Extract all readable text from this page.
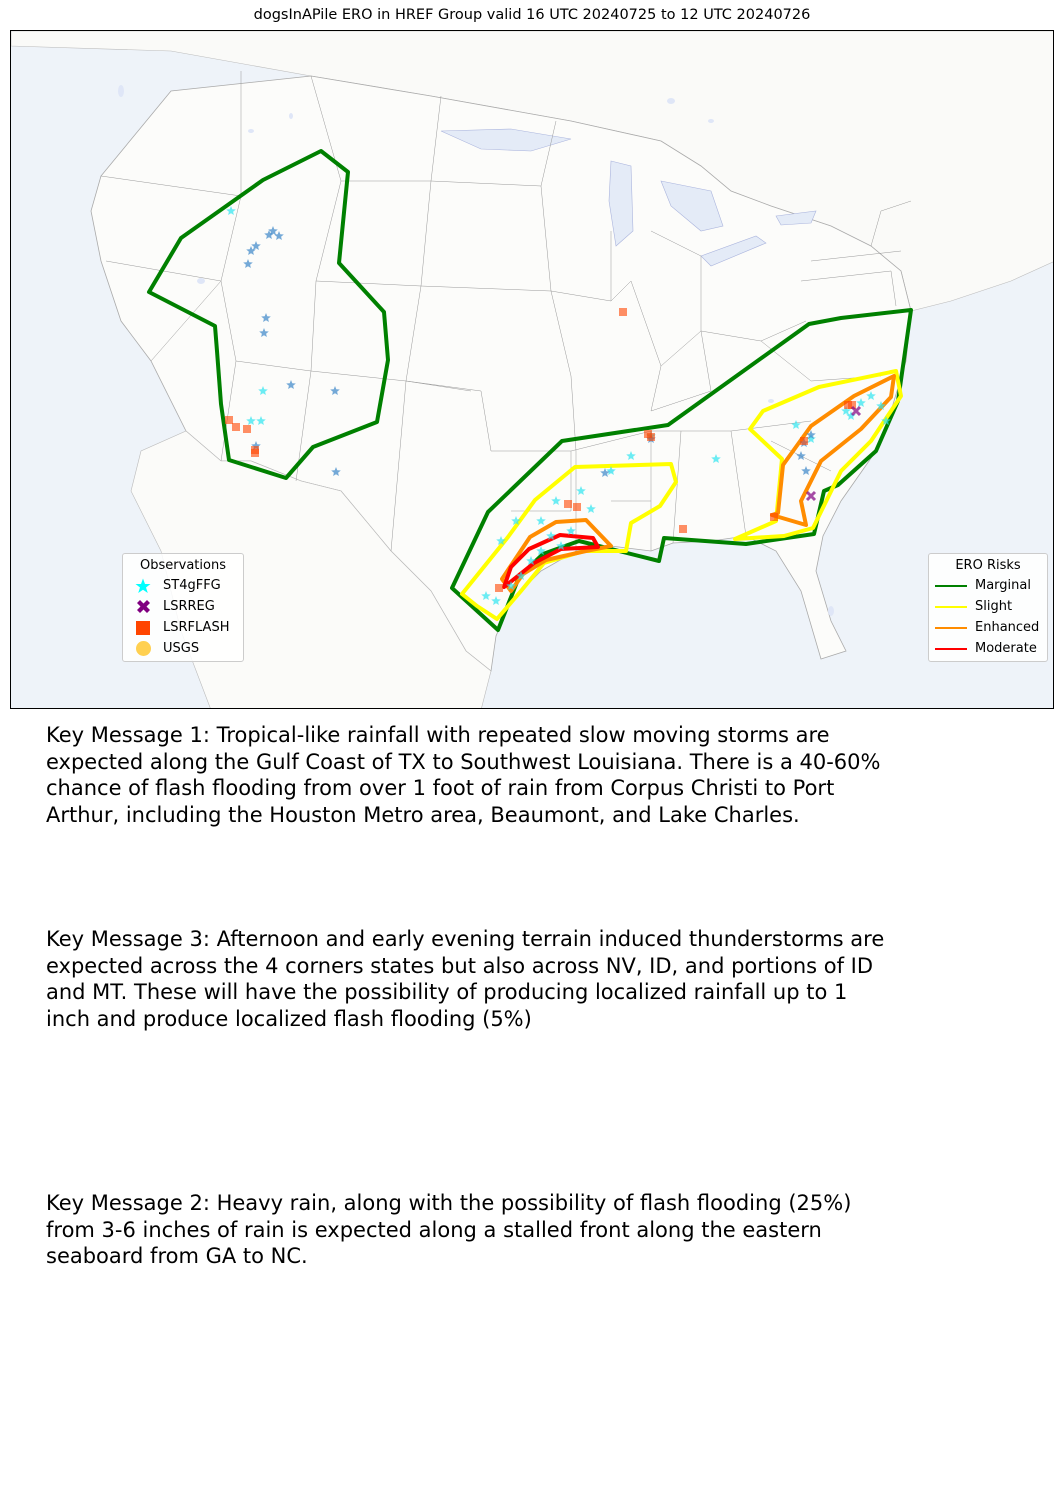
dogsInAPile ERO in HREF Group valid 16 UTC 20240725 to 12 UTC 20240726
Observations
ST4gFFG
LSRREG
LSRFLASH
USGS
ERO Risks
Marginal
Slight
Enhanced
Moderate
Key Message 1: Tropical-like rainfall with repeated slow moving storms are
expected along the Gulf Coast of TX to Southwest Louisiana. There is a 40-60%
chance of flash flooding from over 1 foot of rain from Corpus Christi to Port
Arthur, including the Houston Metro area, Beaumont, and Lake Charles.
Key Message 3: Afternoon and early evening terrain induced thunderstorms are
expected across the 4 corners states but also across NV, ID, and portions of ID
and MT. These will have the possibility of producing localized rainfall up to 1
inch and produce localized flash flooding (5%)
Key Message 2: Heavy rain, along with the possibility of flash flooding (25%)
from 3-6 inches of rain is expected along a stalled front along the eastern
seaboard from GA to NC.
